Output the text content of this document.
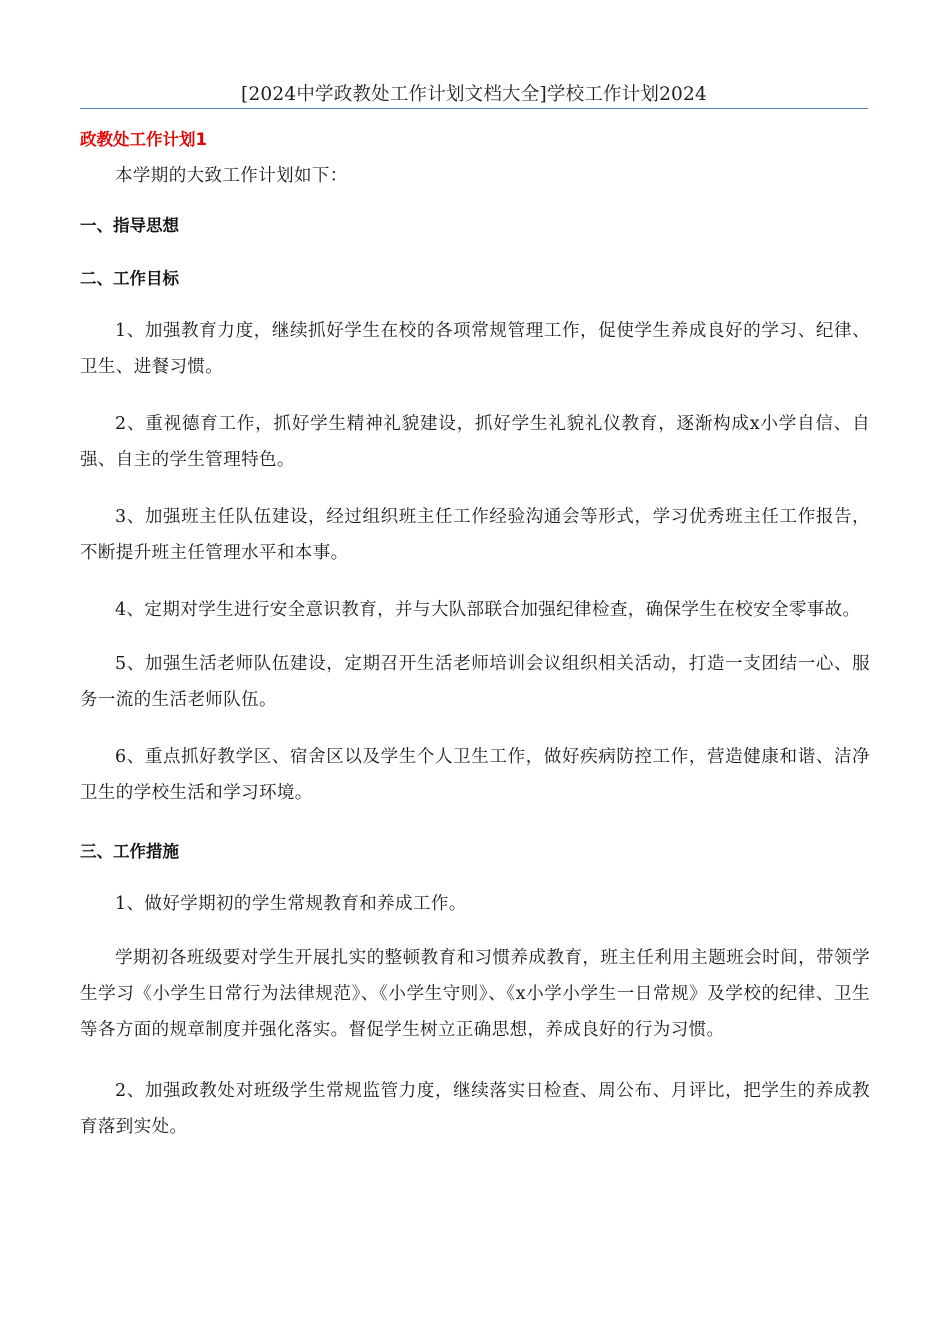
[2024中学政教处工作计划文档大全]学校工作计划2024
政教处工作计划1
本学期的大致工作计划如下：
一、指导思想
二、工作目标
1、加强教育力度，继续抓好学生在校的各项常规管理工作，促使学生养成良好的学习、纪律、卫生、进餐习惯。
2、重视德育工作，抓好学生精神礼貌建设，抓好学生礼貌礼仪教育，逐渐构成x小学自信、自强、自主的学生管理特色。
3、加强班主任队伍建设，经过组织班主任工作经验沟通会等形式，学习优秀班主任工作报告，不断提升班主任管理水平和本事。
4、定期对学生进行安全意识教育，并与大队部联合加强纪律检查，确保学生在校安全零事故。
5、加强生活老师队伍建设，定期召开生活老师培训会议组织相关活动，打造一支团结一心、服务一流的生活老师队伍。
6、重点抓好教学区、宿舍区以及学生个人卫生工作，做好疾病防控工作，营造健康和谐、洁净卫生的学校生活和学习环境。
三、工作措施
1、做好学期初的学生常规教育和养成工作。
学期初各班级要对学生开展扎实的整顿教育和习惯养成教育，班主任利用主题班会时间，带领学生学习《小学生日常行为法律规范》、《小学生守则》、《x小学小学生一日常规》及学校的纪律、卫生等各方面的规章制度并强化落实。督促学生树立正确思想，养成良好的行为习惯。
2、加强政教处对班级学生常规监管力度，继续落实日检查、周公布、月评比，把学生的养成教育落到实处。
